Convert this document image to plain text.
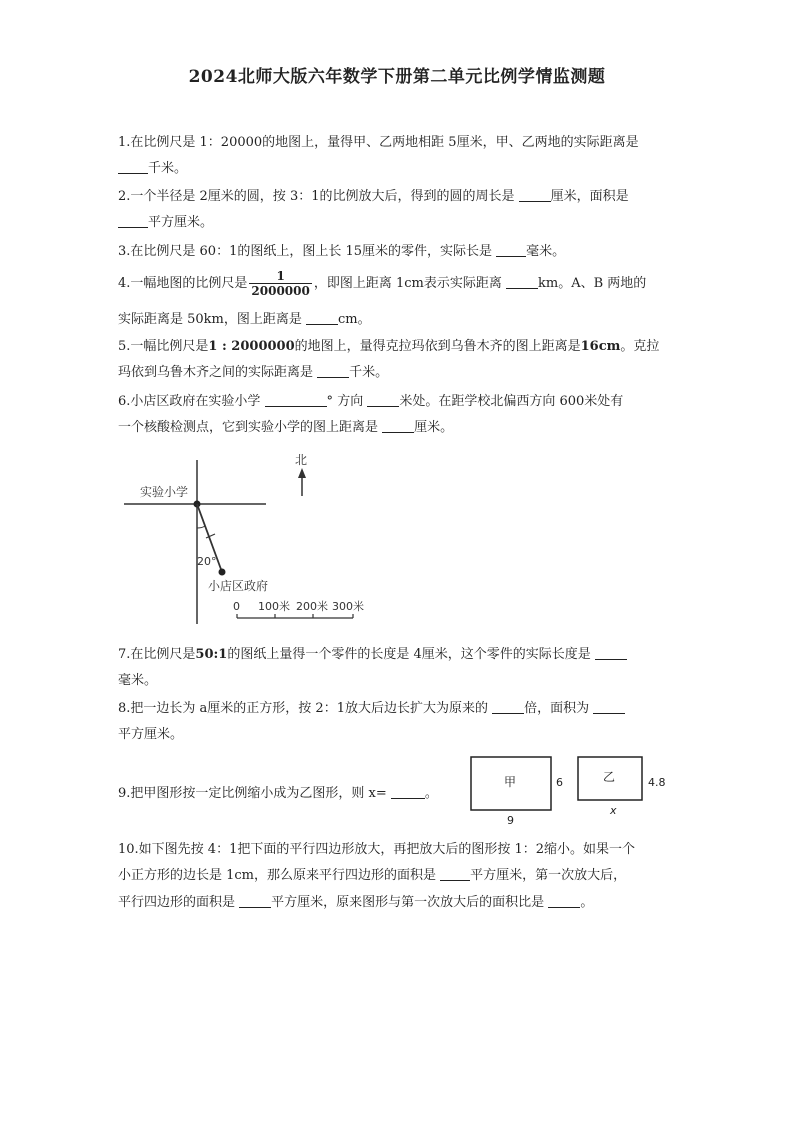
2024北师大版六年数学下册第二单元比例学情监测题
1.在比例尺是 1：20000的地图上，量得甲、乙两地相距 5厘米，甲、乙两地的实际距离是
千米。
2.一个半径是 2厘米的圆，按 3：1的比例放大后，得到的圆的周长是	厘米，面积是
平方厘米。
3.在比例尺是 60：1的图纸上，图上长 15厘米的零件，实际长是	毫米。
4.一幅地图的比例尺是 $\frac{1}{2000000}$ ，即图上距离 1cm表示实际距离	km。A、B 两地的
实际距离是 50km，图上距离是	cm。
5.一幅比例尺是1 : 2000000的地图上，量得克拉玛依到乌鲁木齐的图上距离是16cm。克拉
玛依到乌鲁木齐之间的实际距离是	千米。
6.小店区政府在实验小学	° 方向	米处。在距学校北偏西方向 600米处有
一个核酸检测点，它到实验小学的图上距离是	厘米。
实验小学
20°
小店区政府
北
0 100米 200米 300米
7.在比例尺是50:1的图纸上量得一个零件的长度是 4厘米，这个零件的实际长度是
毫米。
8.把一边长为 a厘米的正方形，按 2：1放大后边长扩大为原来的	倍，面积为
平方厘米。
9.把甲图形按一定比例缩小成为乙图形，则 x=	。
甲	6
9
乙	4.8
x
10.如下图先按 4：1把下面的平行四边形放大，再把放大后的图形按 1：2缩小。如果一个
小正方形的边长是 1cm，那么原来平行四边形的面积是	平方厘米，第一次放大后，
平行四边形的面积是	平方厘米，原来图形与第一次放大后的面积比是	。
